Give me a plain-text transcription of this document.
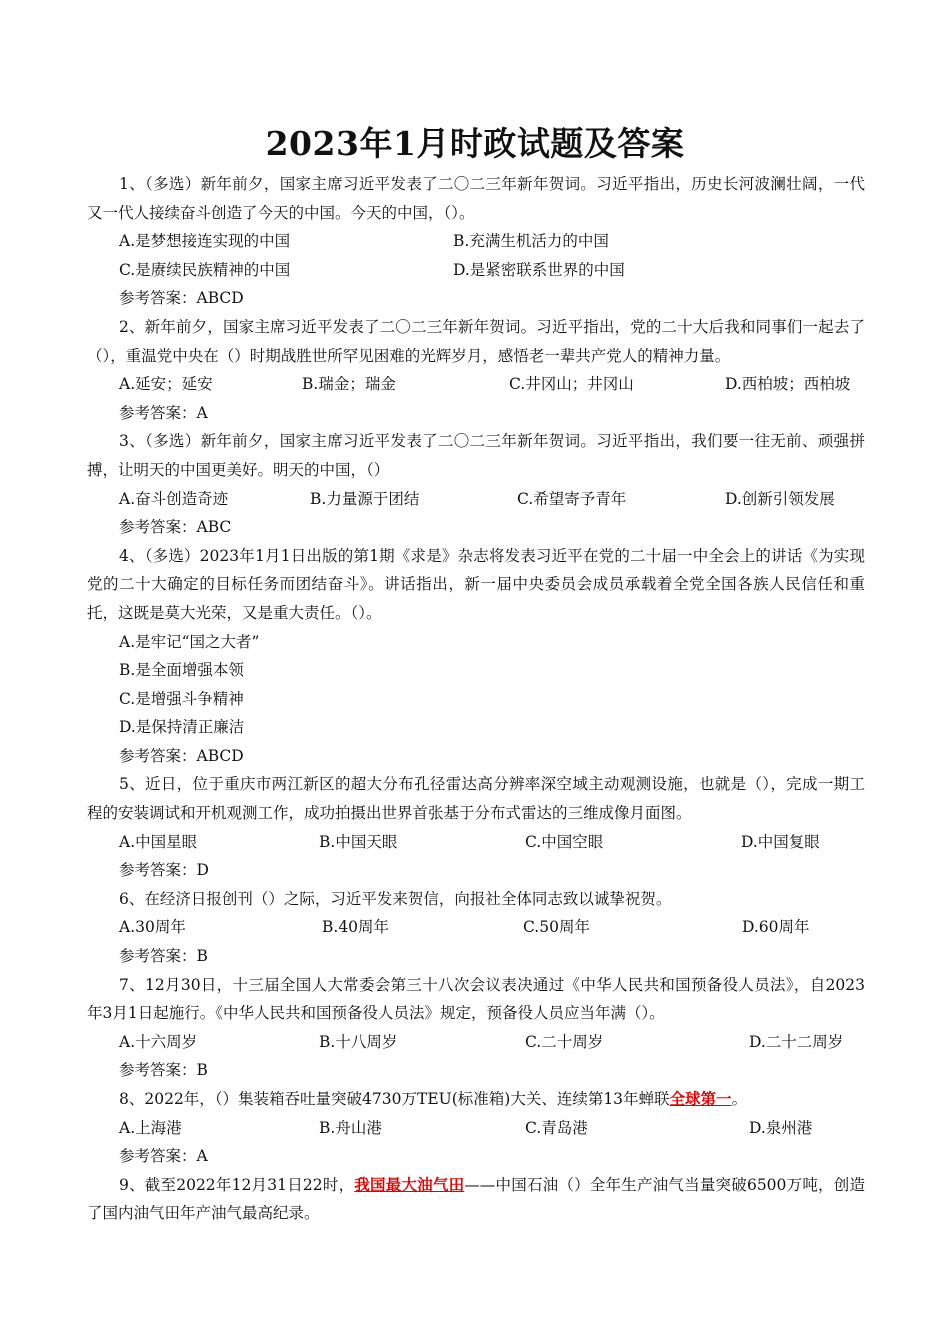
2023年1月时政试题及答案

1、（多选）新年前夕，国家主席习近平发表了二〇二三年新年贺词。习近平指出，历史长河波澜壮阔，一代又一代人接续奋斗创造了今天的中国。今天的中国，（）。

A.是梦想接连实现的中国	B.充满生机活力的中国
C.是赓续民族精神的中国	D.是紧密联系世界的中国

参考答案：ABCD

2、新年前夕，国家主席习近平发表了二〇二三年新年贺词。习近平指出，党的二十大后我和同事们一起去了（），重温党中央在（）时期战胜世所罕见困难的光辉岁月，感悟老一辈共产党人的精神力量。

A.延安；延安	B.瑞金；瑞金	C.井冈山；井冈山	D.西柏坡；西柏坡

参考答案：A

3、（多选）新年前夕，国家主席习近平发表了二〇二三年新年贺词。习近平指出，我们要一往无前、顽强拼搏，让明天的中国更美好。明天的中国，（）

A.奋斗创造奇迹	B.力量源于团结	C.希望寄予青年	D.创新引领发展

参考答案：ABC

4、（多选）2023年1月1日出版的第1期《求是》杂志将发表习近平在党的二十届一中全会上的讲话《为实现党的二十大确定的目标任务而团结奋斗》。讲话指出，新一届中央委员会成员承载着全党全国各族人民信任和重托，这既是莫大光荣，又是重大责任。（）。

A.是牢记“国之大者”

B.是全面增强本领

C.是增强斗争精神

D.是保持清正廉洁

参考答案：ABCD

5、近日，位于重庆市两江新区的超大分布孔径雷达高分辨率深空域主动观测设施，也就是（），完成一期工程的安装调试和开机观测工作，成功拍摄出世界首张基于分布式雷达的三维成像月面图。

A.中国星眼	B.中国天眼	C.中国空眼	D.中国复眼

参考答案：D

6、在经济日报创刊（）之际，习近平发来贺信，向报社全体同志致以诚挚祝贺。

A.30周年	B.40周年	C.50周年	D.60周年

参考答案：B

7、12月30日，十三届全国人大常委会第三十八次会议表决通过《中华人民共和国预备役人员法》，自2023年3月1日起施行。《中华人民共和国预备役人员法》规定，预备役人员应当年满（）。

A.十六周岁	B.十八周岁	C.二十周岁	D.二十二周岁

参考答案：B

8、2022年，（）集装箱吞吐量突破4730万TEU(标准箱)大关、连续第13年蝉联全球第一。

A.上海港	B.舟山港	C.青岛港	D.泉州港

参考答案：A

9、截至2022年12月31日22时，我国最大油气田——中国石油（）全年生产油气当量突破6500万吨，创造了国内油气田年产油气最高纪录。
